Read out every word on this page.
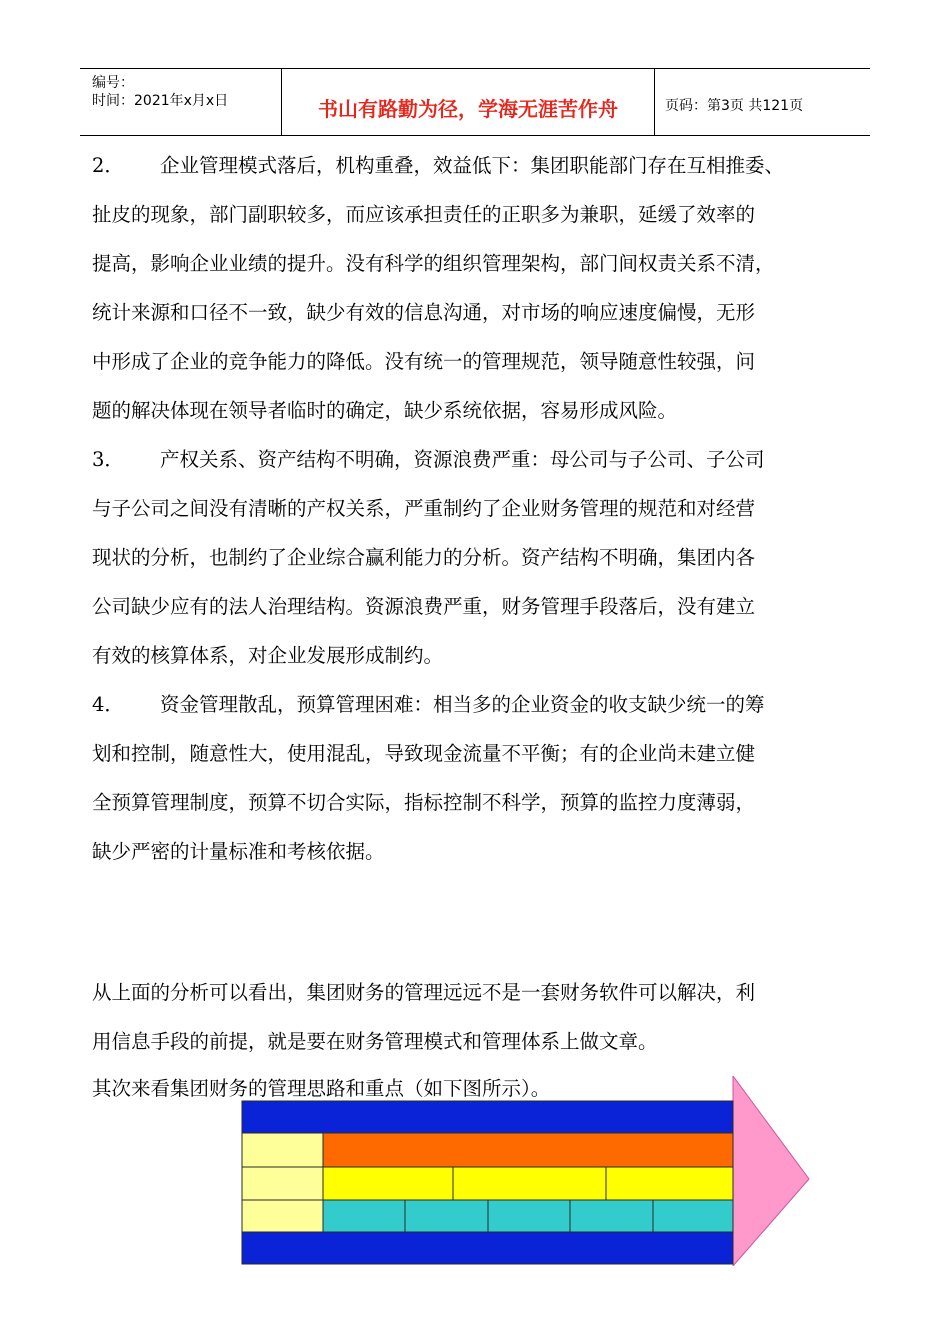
编号：
时间：2021年x月x日	书山有路勤为径，学海无涯苦作舟	页码：第3页 共121页
2． 企业管理模式落后，机构重叠，效益低下：集团职能部门存在互相推委、
扯皮的现象，部门副职较多，而应该承担责任的正职多为兼职，延缓了效率的
提高，影响企业业绩的提升。没有科学的组织管理架构，部门间权责关系不清，
统计来源和口径不一致，缺少有效的信息沟通，对市场的响应速度偏慢，无形
中形成了企业的竞争能力的降低。没有统一的管理规范，领导随意性较强，问
题的解决体现在领导者临时的确定，缺少系统依据，容易形成风险。
3． 产权关系、资产结构不明确，资源浪费严重：母公司与子公司、子公司
与子公司之间没有清晰的产权关系，严重制约了企业财务管理的规范和对经营
现状的分析，也制约了企业综合赢利能力的分析。资产结构不明确，集团内各
公司缺少应有的法人治理结构。资源浪费严重，财务管理手段落后，没有建立
有效的核算体系，对企业发展形成制约。
4． 资金管理散乱，预算管理困难：相当多的企业资金的收支缺少统一的筹
划和控制，随意性大，使用混乱，导致现金流量不平衡；有的企业尚未建立健
全预算管理制度，预算不切合实际，指标控制不科学，预算的监控力度薄弱，
缺少严密的计量标准和考核依据。
从上面的分析可以看出，集团财务的管理远远不是一套财务软件可以解决，利
用信息手段的前提，就是要在财务管理模式和管理体系上做文章。
其次来看集团财务的管理思路和重点（如下图所示）。
